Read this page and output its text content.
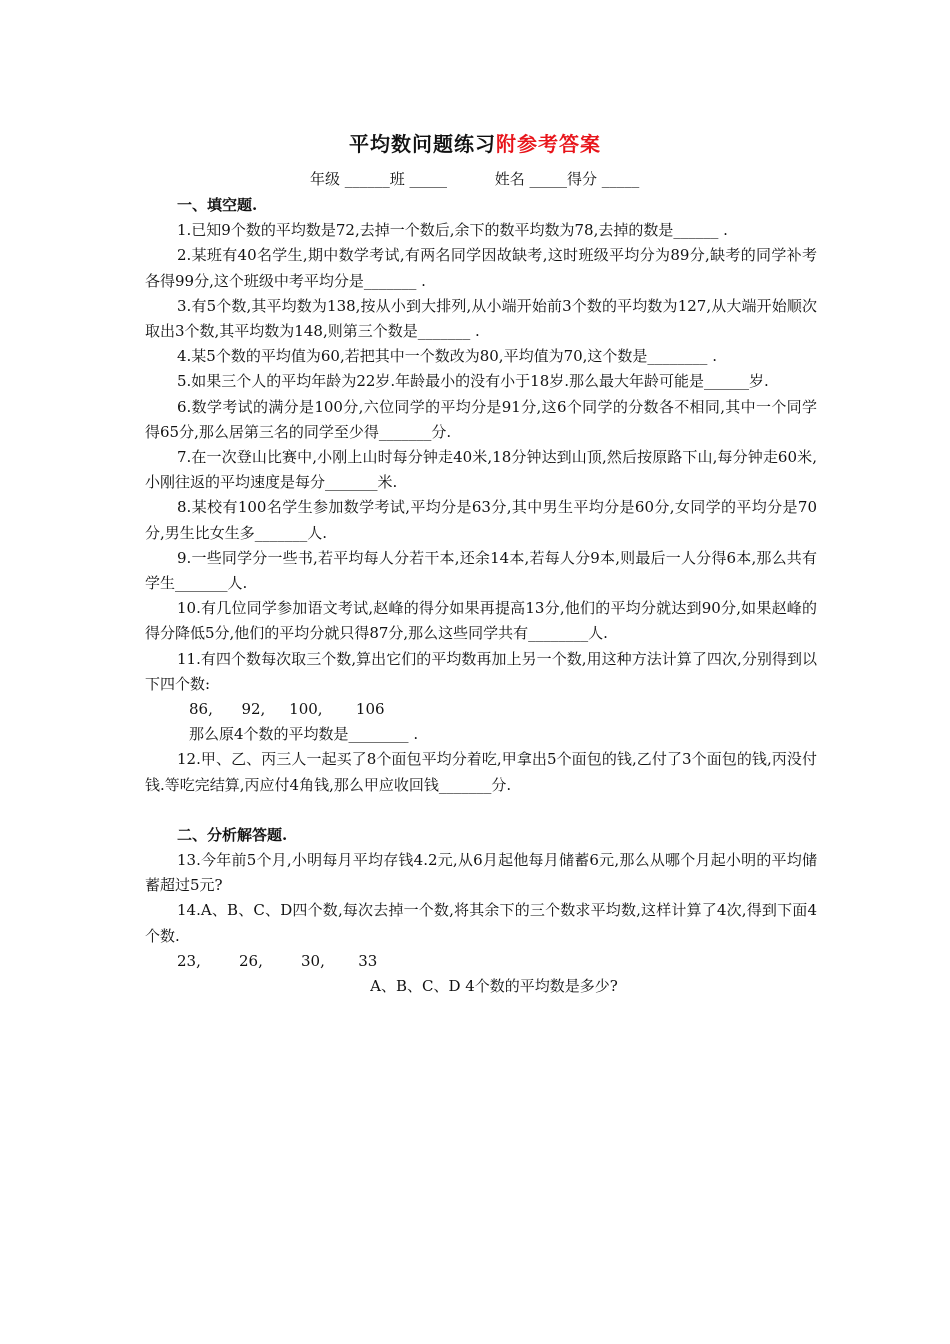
平均数问题练习附参考答案
年级 ______班 _____          姓名 _____得分 _____
一、填空题.
1.已知9个数的平均数是72,去掉一个数后,余下的数平均数为78,去掉的数是______ .
2.某班有40名学生,期中数学考试,有两名同学因故缺考,这时班级平均分为89分,缺考的同学补考各得99分,这个班级中考平均分是_______ .
3.有5个数,其平均数为138,按从小到大排列,从小端开始前3个数的平均数为127,从大端开始顺次取出3个数,其平均数为148,则第三个数是_______ .
4.某5个数的平均值为60,若把其中一个数改为80,平均值为70,这个数是________ .
5.如果三个人的平均年龄为22岁.年龄最小的没有小于18岁.那么最大年龄可能是______岁.
6.数学考试的满分是100分,六位同学的平均分是91分,这6个同学的分数各不相同,其中一个同学得65分,那么居第三名的同学至少得_______分.
7.在一次登山比赛中,小刚上山时每分钟走40米,18分钟达到山顶,然后按原路下山,每分钟走60米,小刚往返的平均速度是每分_______米.
8.某校有100名学生参加数学考试,平均分是63分,其中男生平均分是60分,女同学的平均分是70分,男生比女生多_______人.
9.一些同学分一些书,若平均每人分若干本,还余14本,若每人分9本,则最后一人分得6本,那么共有学生_______人.
10.有几位同学参加语文考试,赵峰的得分如果再提高13分,他们的平均分就达到90分,如果赵峰的得分降低5分,他们的平均分就只得87分,那么这些同学共有________人.
11.有四个数每次取三个数,算出它们的平均数再加上另一个数,用这种方法计算了四次,分别得到以下四个数:
86,      92,     100,       106
那么原4个数的平均数是________ .
12.甲、乙、丙三人一起买了8个面包平均分着吃,甲拿出5个面包的钱,乙付了3个面包的钱,丙没付钱.等吃完结算,丙应付4角钱,那么甲应收回钱_______分.
二、分析解答题.
13.今年前5个月,小明每月平均存钱4.2元,从6月起他每月储蓄6元,那么从哪个月起小明的平均储蓄超过5元?
14.A、B、C、D四个数,每次去掉一个数,将其余下的三个数求平均数,这样计算了4次,得到下面4个数.
23,        26,        30,       33
A、B、C、D 4个数的平均数是多少?
